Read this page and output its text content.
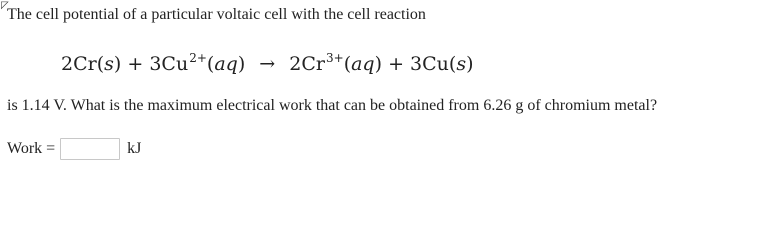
◸
The cell potential of a particular voltaic cell with the cell reaction
$2Cr(s) + 3Cu^{2+}(aq) \to 2Cr^{3+}(aq) + 3Cu(s)$
is 1.14 V. What is the maximum electrical work that can be obtained from 6.26 g of chromium metal?
Work =	kJ
